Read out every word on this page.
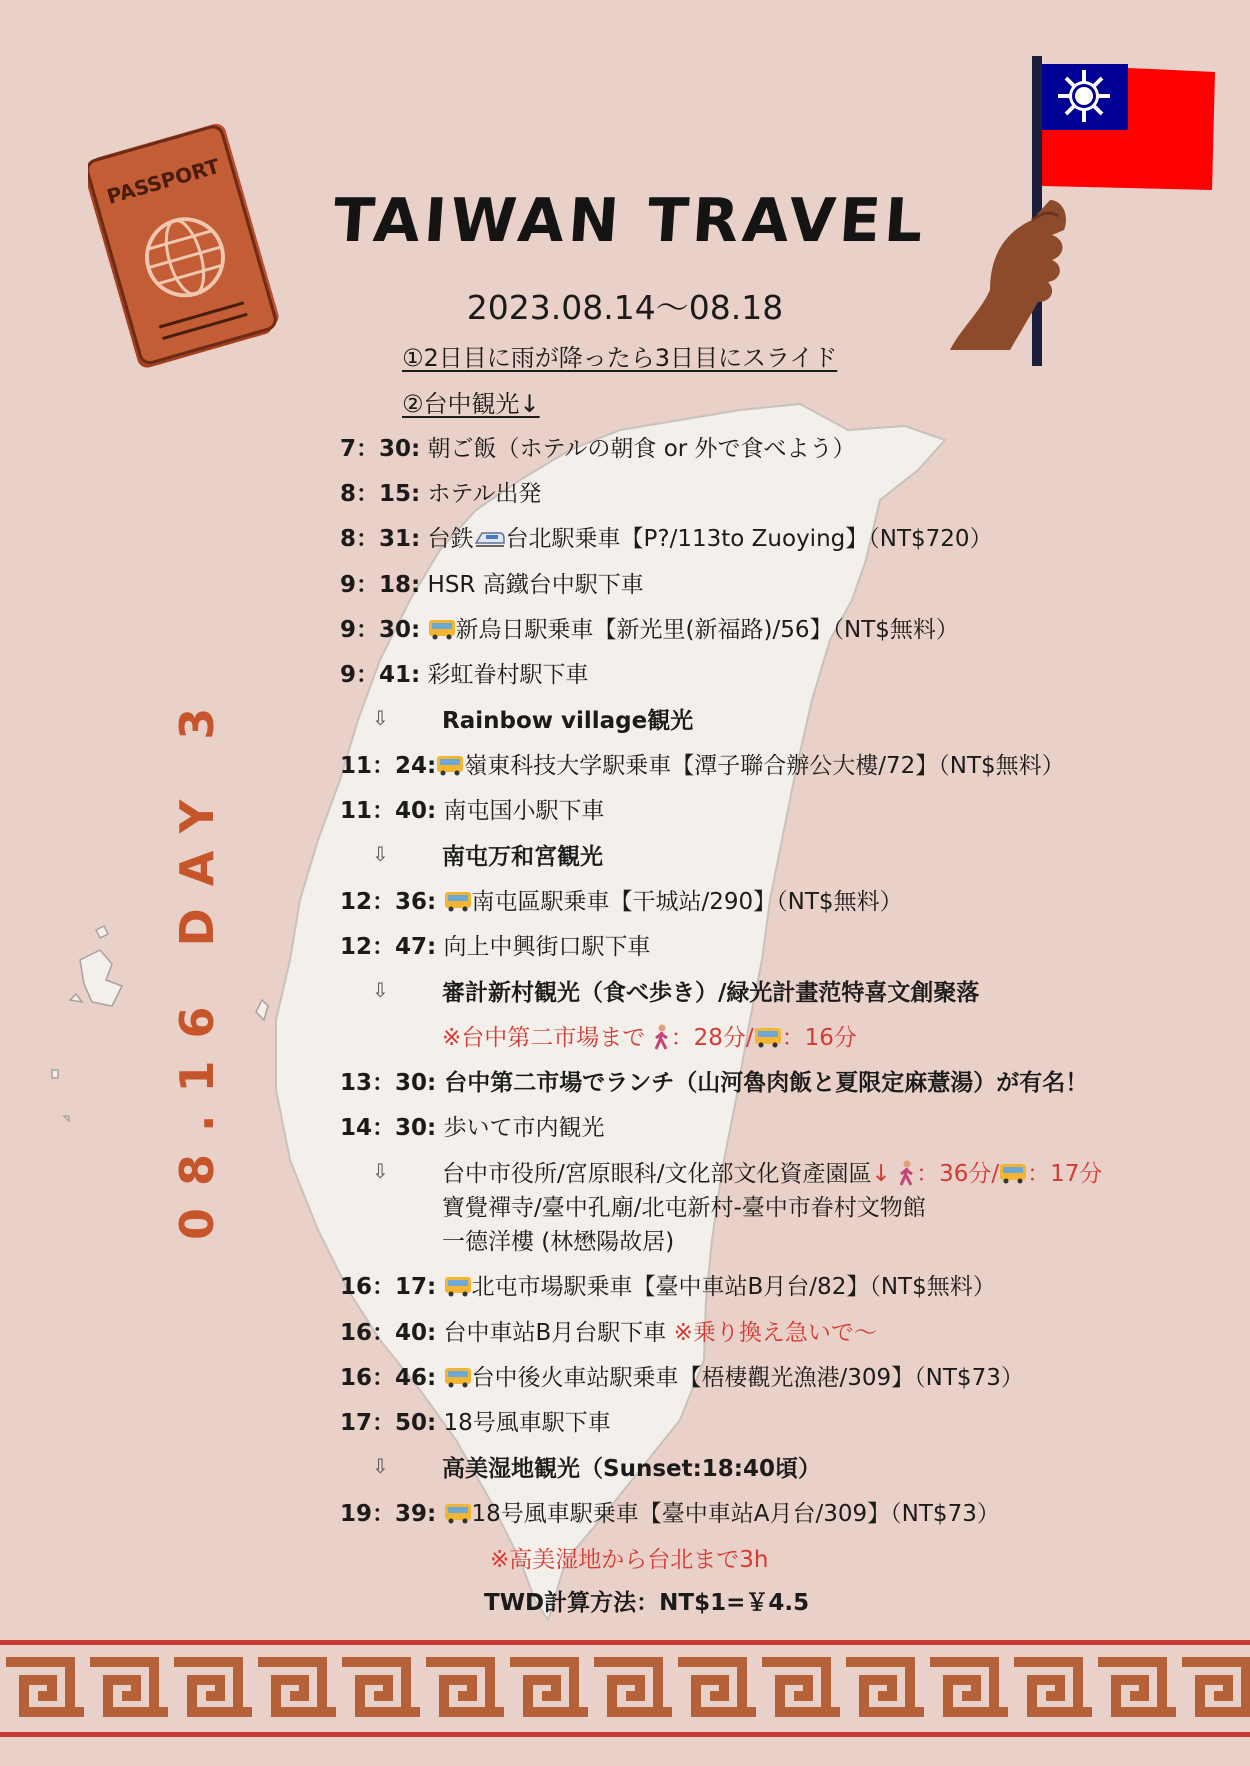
PASSPORT
TAIWAN TRAVEL
2023.08.14〜08.18
①2日目に雨が降ったら3日目にスライド
②台中観光↓
08.16 DAY 3
7：30: 朝ご飯（ホテルの朝食 or 外で食べよう）
8：15: ホテル出発
8：31: 台鉄 台北駅乗車【P?/113to Zuoying】（NT$720）
9：18: HSR 高鐵台中駅下車
9：30: 新烏日駅乗車【新光里(新福路)/56】（NT$無料）
9：41: 彩虹眷村駅下車
⇩ Rainbow village観光
11：24: 嶺東科技大学駅乗車【潭子聯合辦公大樓/72】（NT$無料）
11：40: 南屯国小駅下車
⇩ 南屯万和宮観光
12：36: 南屯區駅乗車【干城站/290】（NT$無料）
12：47: 向上中興街口駅下車
⇩ 審計新村観光（食べ歩き）/緑光計畫范特喜文創聚落
※台中第二市場まで ：28分/ ：16分
13：30: 台中第二市場でランチ（山河魯肉飯と夏限定麻薏湯）が有名！
14：30: 歩いて市内観光
⇩ 台中市役所/宮原眼科/文化部文化資產園區↓ ：36分/ ：17分
寶覺禪寺/臺中孔廟/北屯新村-臺中市眷村文物館
一德洋樓 (林懋陽故居)
16：17: 北屯市場駅乗車【臺中車站B月台/82】（NT$無料）
16：40: 台中車站B月台駅下車 ※乗り換え急いで〜
16：46: 台中後火車站駅乗車【梧棲觀光漁港/309】（NT$73）
17：50: 18号風車駅下車
⇩ 高美湿地観光（Sunset:18:40頃）
19：39: 18号風車駅乗車【臺中車站A月台/309】（NT$73）
※高美湿地から台北まで3h
TWD計算方法：NT$1=￥4.5
